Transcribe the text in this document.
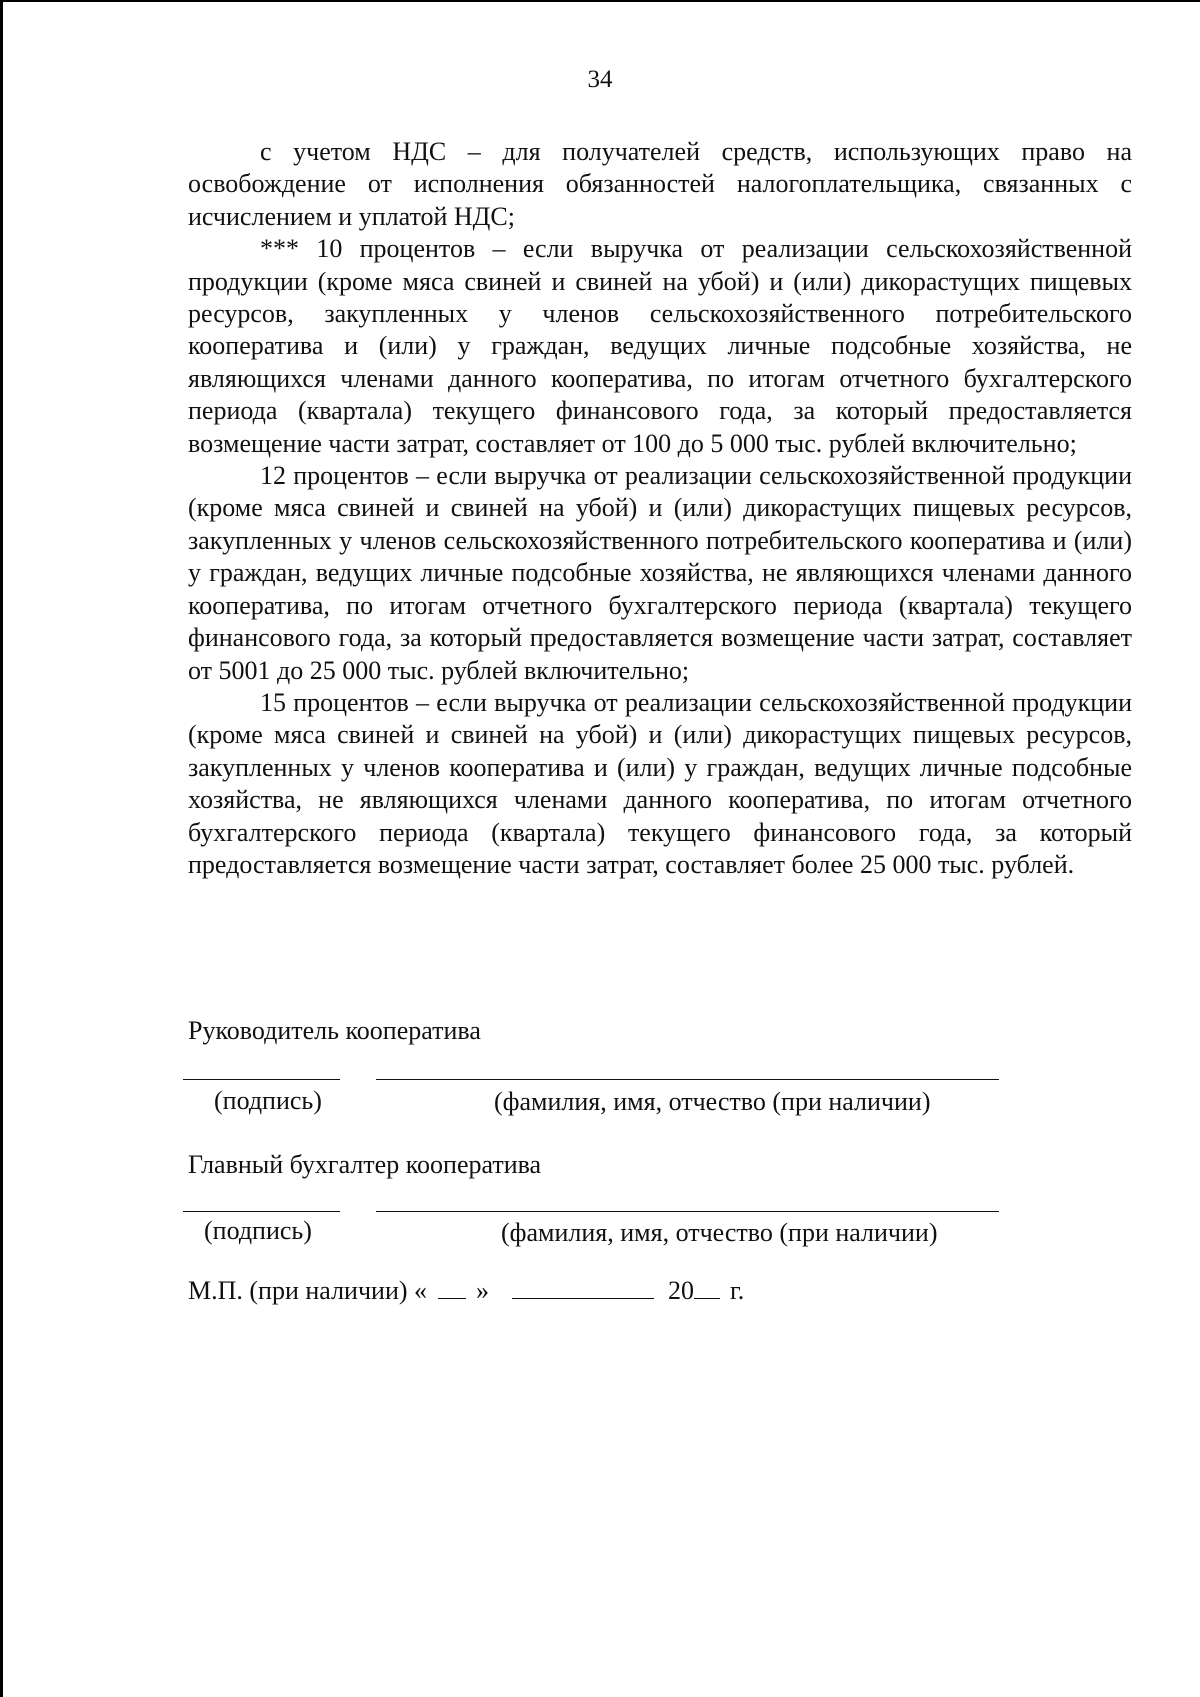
34

с учетом НДС – для получателей средств, использующих право на освобождение от исполнения обязанностей налогоплательщика, связанных с исчислением и уплатой НДС;

*** 10 процентов – если выручка от реализации сельскохозяйственной продукции (кроме мяса свиней и свиней на убой) и (или) дикорастущих пищевых ресурсов, закупленных у членов сельскохозяйственного потребительского кооператива и (или) у граждан, ведущих личные подсобные хозяйства, не являющихся членами данного кооператива, по итогам отчетного бухгалтерского периода (квартала) текущего финансового года, за который предоставляется возмещение части затрат, составляет от 100 до 5 000 тыс. рублей включительно;

12 процентов – если выручка от реализации сельскохозяйственной продукции (кроме мяса свиней и свиней на убой) и (или) дикорастущих пищевых ресурсов, закупленных у членов сельскохозяйственного потребительского кооператива и (или) у граждан, ведущих личные подсобные хозяйства, не являющихся членами данного кооператива, по итогам отчетного бухгалтерского периода (квартала) текущего финансового года, за который предоставляется возмещение части затрат, составляет от 5001 до 25 000 тыс. рублей включительно;

15 процентов – если выручка от реализации сельскохозяйственной продукции (кроме мяса свиней и свиней на убой) и (или) дикорастущих пищевых ресурсов, закупленных у членов кооператива и (или) у граждан, ведущих личные подсобные хозяйства, не являющихся членами данного кооператива, по итогам отчетного бухгалтерского периода (квартала) текущего финансового года, за который предоставляется возмещение части затрат, составляет более 25 000 тыс. рублей.

Руководитель кооператива
(подпись)	(фамилия, имя, отчество (при наличии)
Главный бухгалтер кооператива
(подпись)	(фамилия, имя, отчество (при наличии)
М.П. (при наличии) « »	20 г.
